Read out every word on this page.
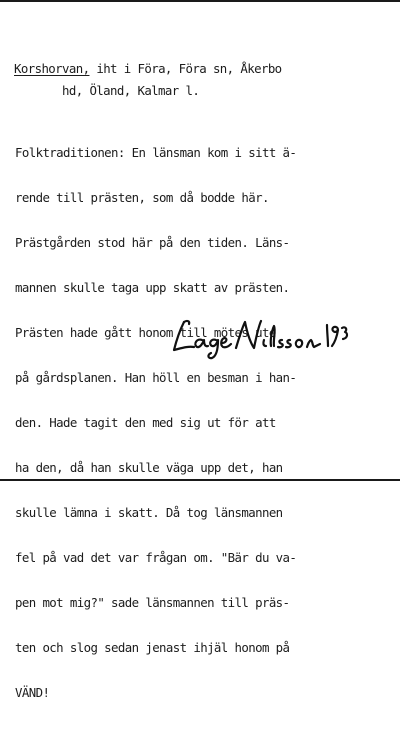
Korshorvan, iht i Föra, Föra sn, Åkerbo
hd, Öland, Kalmar l.

Folktraditionen: En länsman kom i sitt ä-

rende till prästen, som då bodde här.

Prästgården stod här på den tiden. Läns-

mannen skulle taga upp skatt av prästen.

Prästen hade gått honom till mötes ute

på gårdsplanen. Han höll en besman i han-

den. Hade tagit den med sig ut för att

ha den, då han skulle väga upp det, han

skulle lämna i skatt. Då tog länsmannen

fel på vad det var frågan om. "Bär du va-

pen mot mig?" sade länsmannen till präs-

ten och slog sedan jenast ihjäl honom på

VÄND!
